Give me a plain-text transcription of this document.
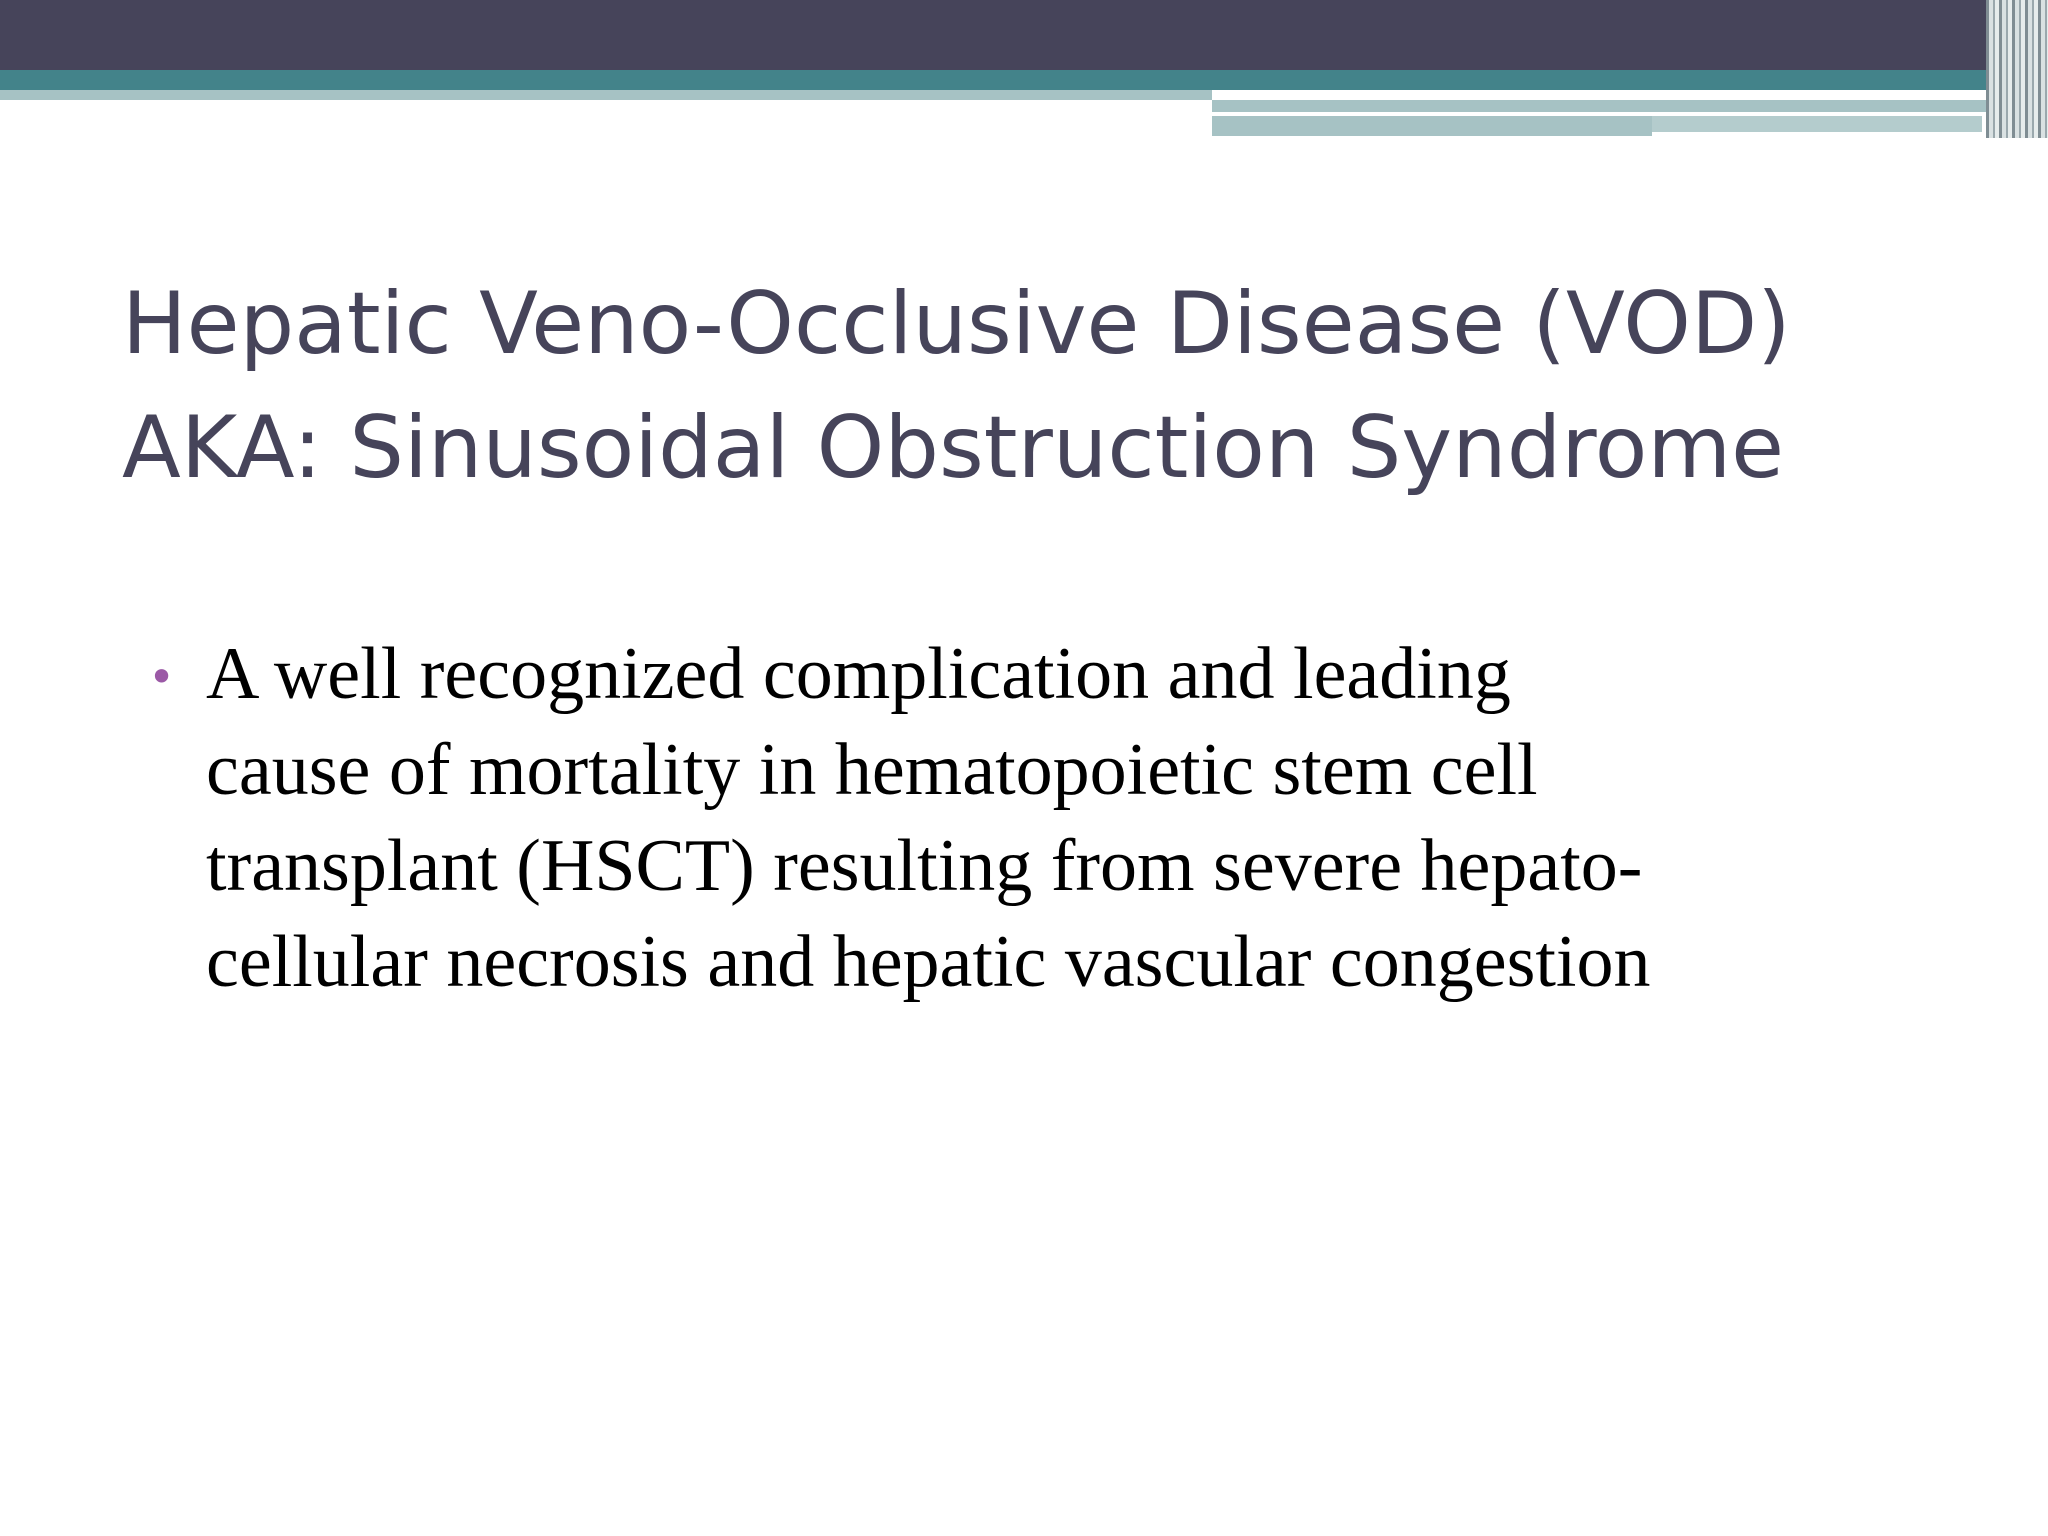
Hepatic Veno-Occlusive Disease (VOD)
AKA: Sinusoidal Obstruction Syndrome
• A well recognized complication and leading
cause of mortality in hematopoietic stem cell
transplant (HSCT) resulting from severe hepato-
cellular necrosis and hepatic vascular congestion
